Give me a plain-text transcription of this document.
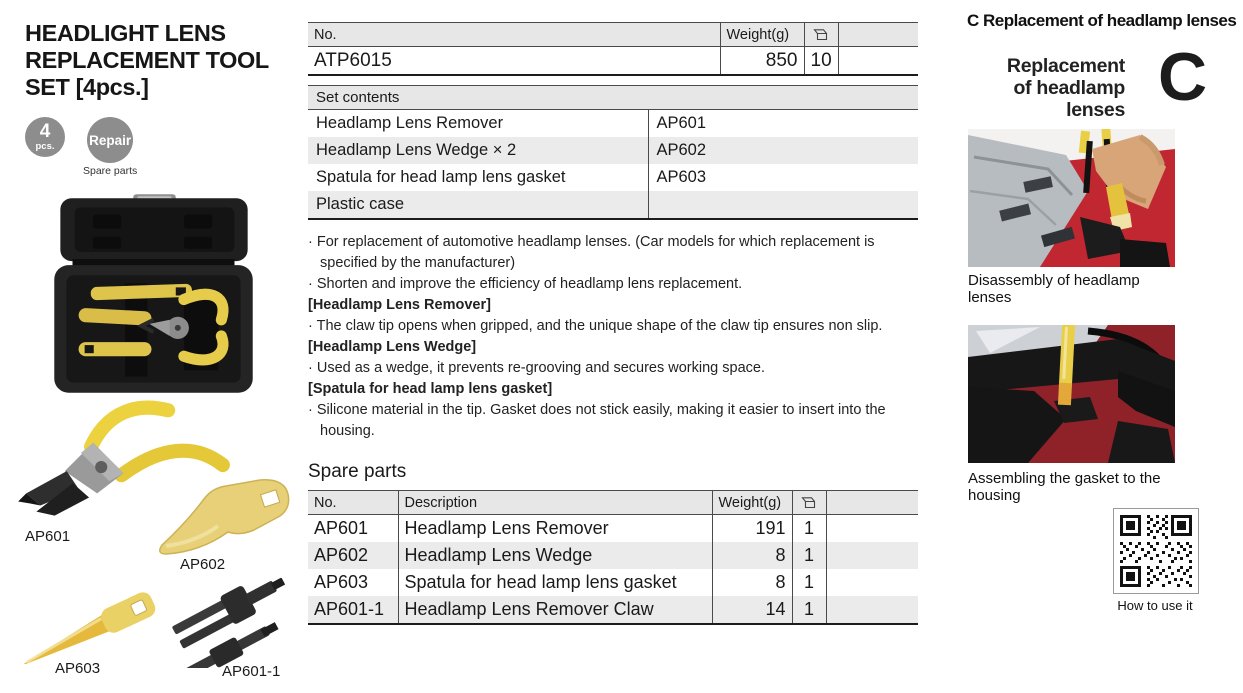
HEADLIGHT LENS
REPLACEMENT TOOL
SET [4pcs.]
4
pcs.	Repair
Spare parts
AP601
AP602
AP603	AP601-1
No.	Weight(g)	

ATP6015	850	10	
Set contents	
Headlamp Lens Remover	AP601
Headlamp Lens Wedge × 2	AP602
Spatula for head lamp lens gasket	AP603
Plastic case	
· For replacement of automotive headlamp lenses. (Car models for which replacement is specified by the manufacturer)
· Shorten and improve the efficiency of headlamp lens replacement.
[Headlamp Lens Remover]
· The claw tip opens when gripped, and the unique shape of the claw tip ensures non slip.
[Headlamp Lens Wedge]
· Used as a wedge, it prevents re-grooving and secures working space.
[Spatula for head lamp lens gasket]
· Silicone material in the tip. Gasket does not stick easily, making it easier to insert into the housing.
Spare parts
No.	Description	Weight(g)	

AP601	Headlamp Lens Remover	191	1	
AP602	Headlamp Lens Wedge	8	1	
AP603	Spatula for head lamp lens gasket	8	1	
AP601-1	Headlamp Lens Remover Claw	14	1	
C Replacement of headlamp lenses
Replacement
of headlamp
lenses C
Disassembly of headlamp lenses
Assembling the gasket to the housing
How to use it
